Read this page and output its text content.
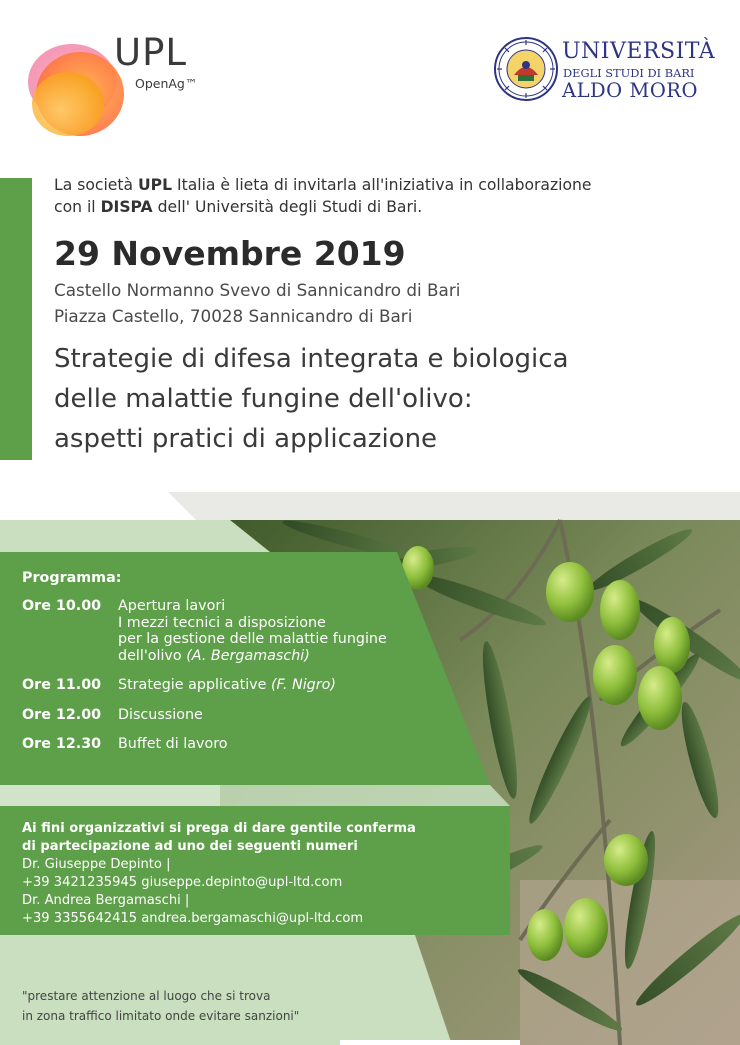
UPL
OpenAg™
UNIVERSITÀ
DEGLI STUDI DI BARI
ALDO MORO
La società UPL Italia è lieta di invitarla all'iniziativa in collaborazione
con il DISPA dell' Università degli Studi di Bari.
29 Novembre 2019
Castello Normanno Svevo di Sannicandro di Bari
Piazza Castello, 70028 Sannicandro di Bari
Strategie di difesa integrata e biologica
delle malattie fungine dell'olivo:
aspetti pratici di applicazione
Programma:
Ore 10.00	Apertura lavori
I mezzi tecnici a disposizione
per la gestione delle malattie fungine
dell'olivo (A. Bergamaschi)
Ore 11.00	Strategie applicative (F. Nigro)
Ore 12.00	Discussione
Ore 12.30	Buffet di lavoro
Ai fini organizzativi si prega di dare gentile conferma
di partecipazione ad uno dei seguenti numeri
Dr. Giuseppe Depinto |
+39 3421235945 giuseppe.depinto@upl-ltd.com
Dr. Andrea Bergamaschi |
+39 3355642415 andrea.bergamaschi@upl-ltd.com
"prestare attenzione al luogo che si trova
in zona traffico limitato onde evitare sanzioni"
